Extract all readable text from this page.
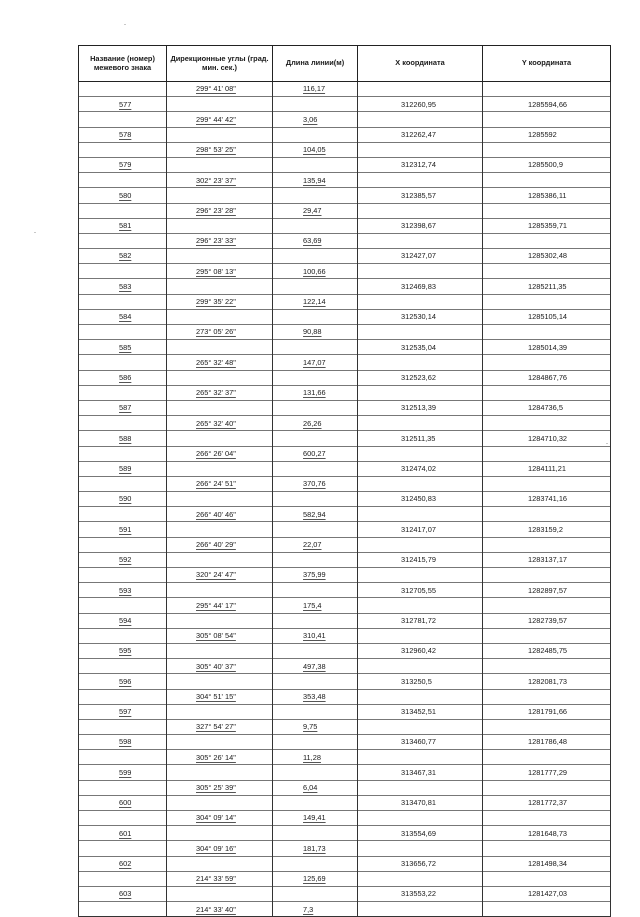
Название (номер) межевого знака	Дирекционные углы (град. мин. сек.)	Длина линии(м)	X координата	Y координата
	299° 41' 08"	116,17		
577			312260,95	1285594,66
	299° 44' 42"	3,06		
578			312262,47	1285592
	298° 53' 25"	104,05		
579			312312,74	1285500,9
	302° 23' 37"	135,94		
580			312385,57	1285386,11
	296° 23' 28"	29,47		
581			312398,67	1285359,71
	296° 23' 33"	63,69		
582			312427,07	1285302,48
	295° 08' 13"	100,66		
583			312469,83	1285211,35
	299° 35' 22"	122,14		
584			312530,14	1285105,14
	273° 05' 26"	90,88		
585			312535,04	1285014,39
	265° 32' 48"	147,07		
586			312523,62	1284867,76
	265° 32' 37"	131,66		
587			312513,39	1284736,5
	265° 32' 40"	26,26		
588			312511,35	1284710,32
	266° 26' 04"	600,27		
589			312474,02	1284111,21
	266° 24' 51"	370,76		
590			312450,83	1283741,16
	266° 40' 46"	582,94		
591			312417,07	1283159,2
	266° 40' 29"	22,07		
592			312415,79	1283137,17
	320° 24' 47"	375,99		
593			312705,55	1282897,57
	295° 44' 17"	175,4		
594			312781,72	1282739,57
	305° 08' 54"	310,41		
595			312960,42	1282485,75
	305° 40' 37"	497,38		
596			313250,5	1282081,73
	304° 51' 15"	353,48		
597			313452,51	1281791,66
	327° 54' 27"	9,75		
598			313460,77	1281786,48
	305° 26' 14"	11,28		
599			313467,31	1281777,29
	305° 25' 39"	6,04		
600			313470,81	1281772,37
	304° 09' 14"	149,41		
601			313554,69	1281648,73
	304° 09' 16"	181,73		
602			313656,72	1281498,34
	214° 33' 59"	125,69		
603			313553,22	1281427,03
	214° 33' 40"	7,3		
